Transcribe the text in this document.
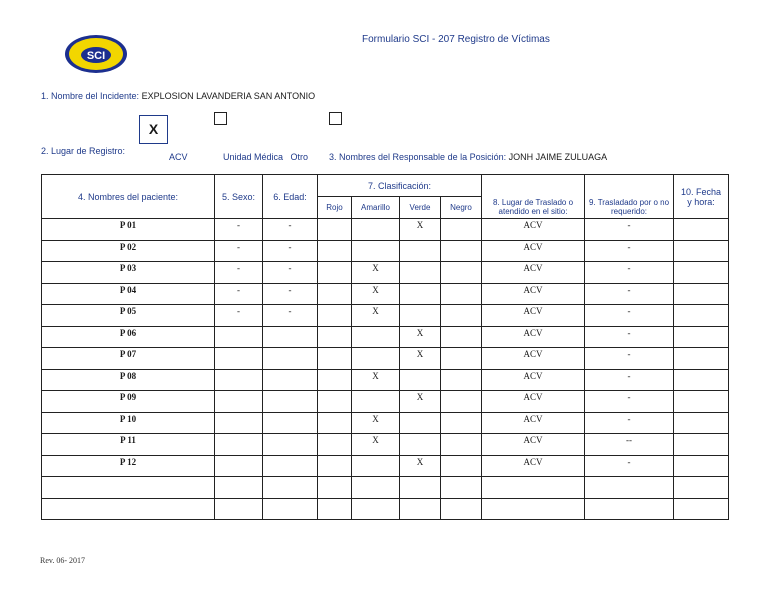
SCI
Formulario SCI - 207 Registro de Víctimas
1. Nombre del Incidente: EXPLOSION LAVANDERIA SAN ANTONIO
X
2. Lugar de Registro:
ACV	Unidad Médica   Otro 3. Nombres del Responsable de la Posición: JONH JAIME ZULUAGA
4. Nombres del paciente:	5. Sexo:	6. Edad:	7. Clasificación:				8. Lugar de Traslado o atendido en el sitio:	9. Trasladado por o no requerido:	10. Fecha y hora:
			Rojo	Amarillo	Verde	Negro			
P 01	-	-			X		ACV	-	
P 02	-	-					ACV	-	
P 03	-	-		X			ACV	-	
P 04	-	-		X			ACV	-	
P 05	-	-		X			ACV	-	
P 06					X		ACV	-	
P 07					X		ACV	-	
P 08				X			ACV	-	
P 09					X		ACV	-	
P 10				X			ACV	-	
P 11				X			ACV	--	
P 12					X		ACV	-	

Rev. 06- 2017
